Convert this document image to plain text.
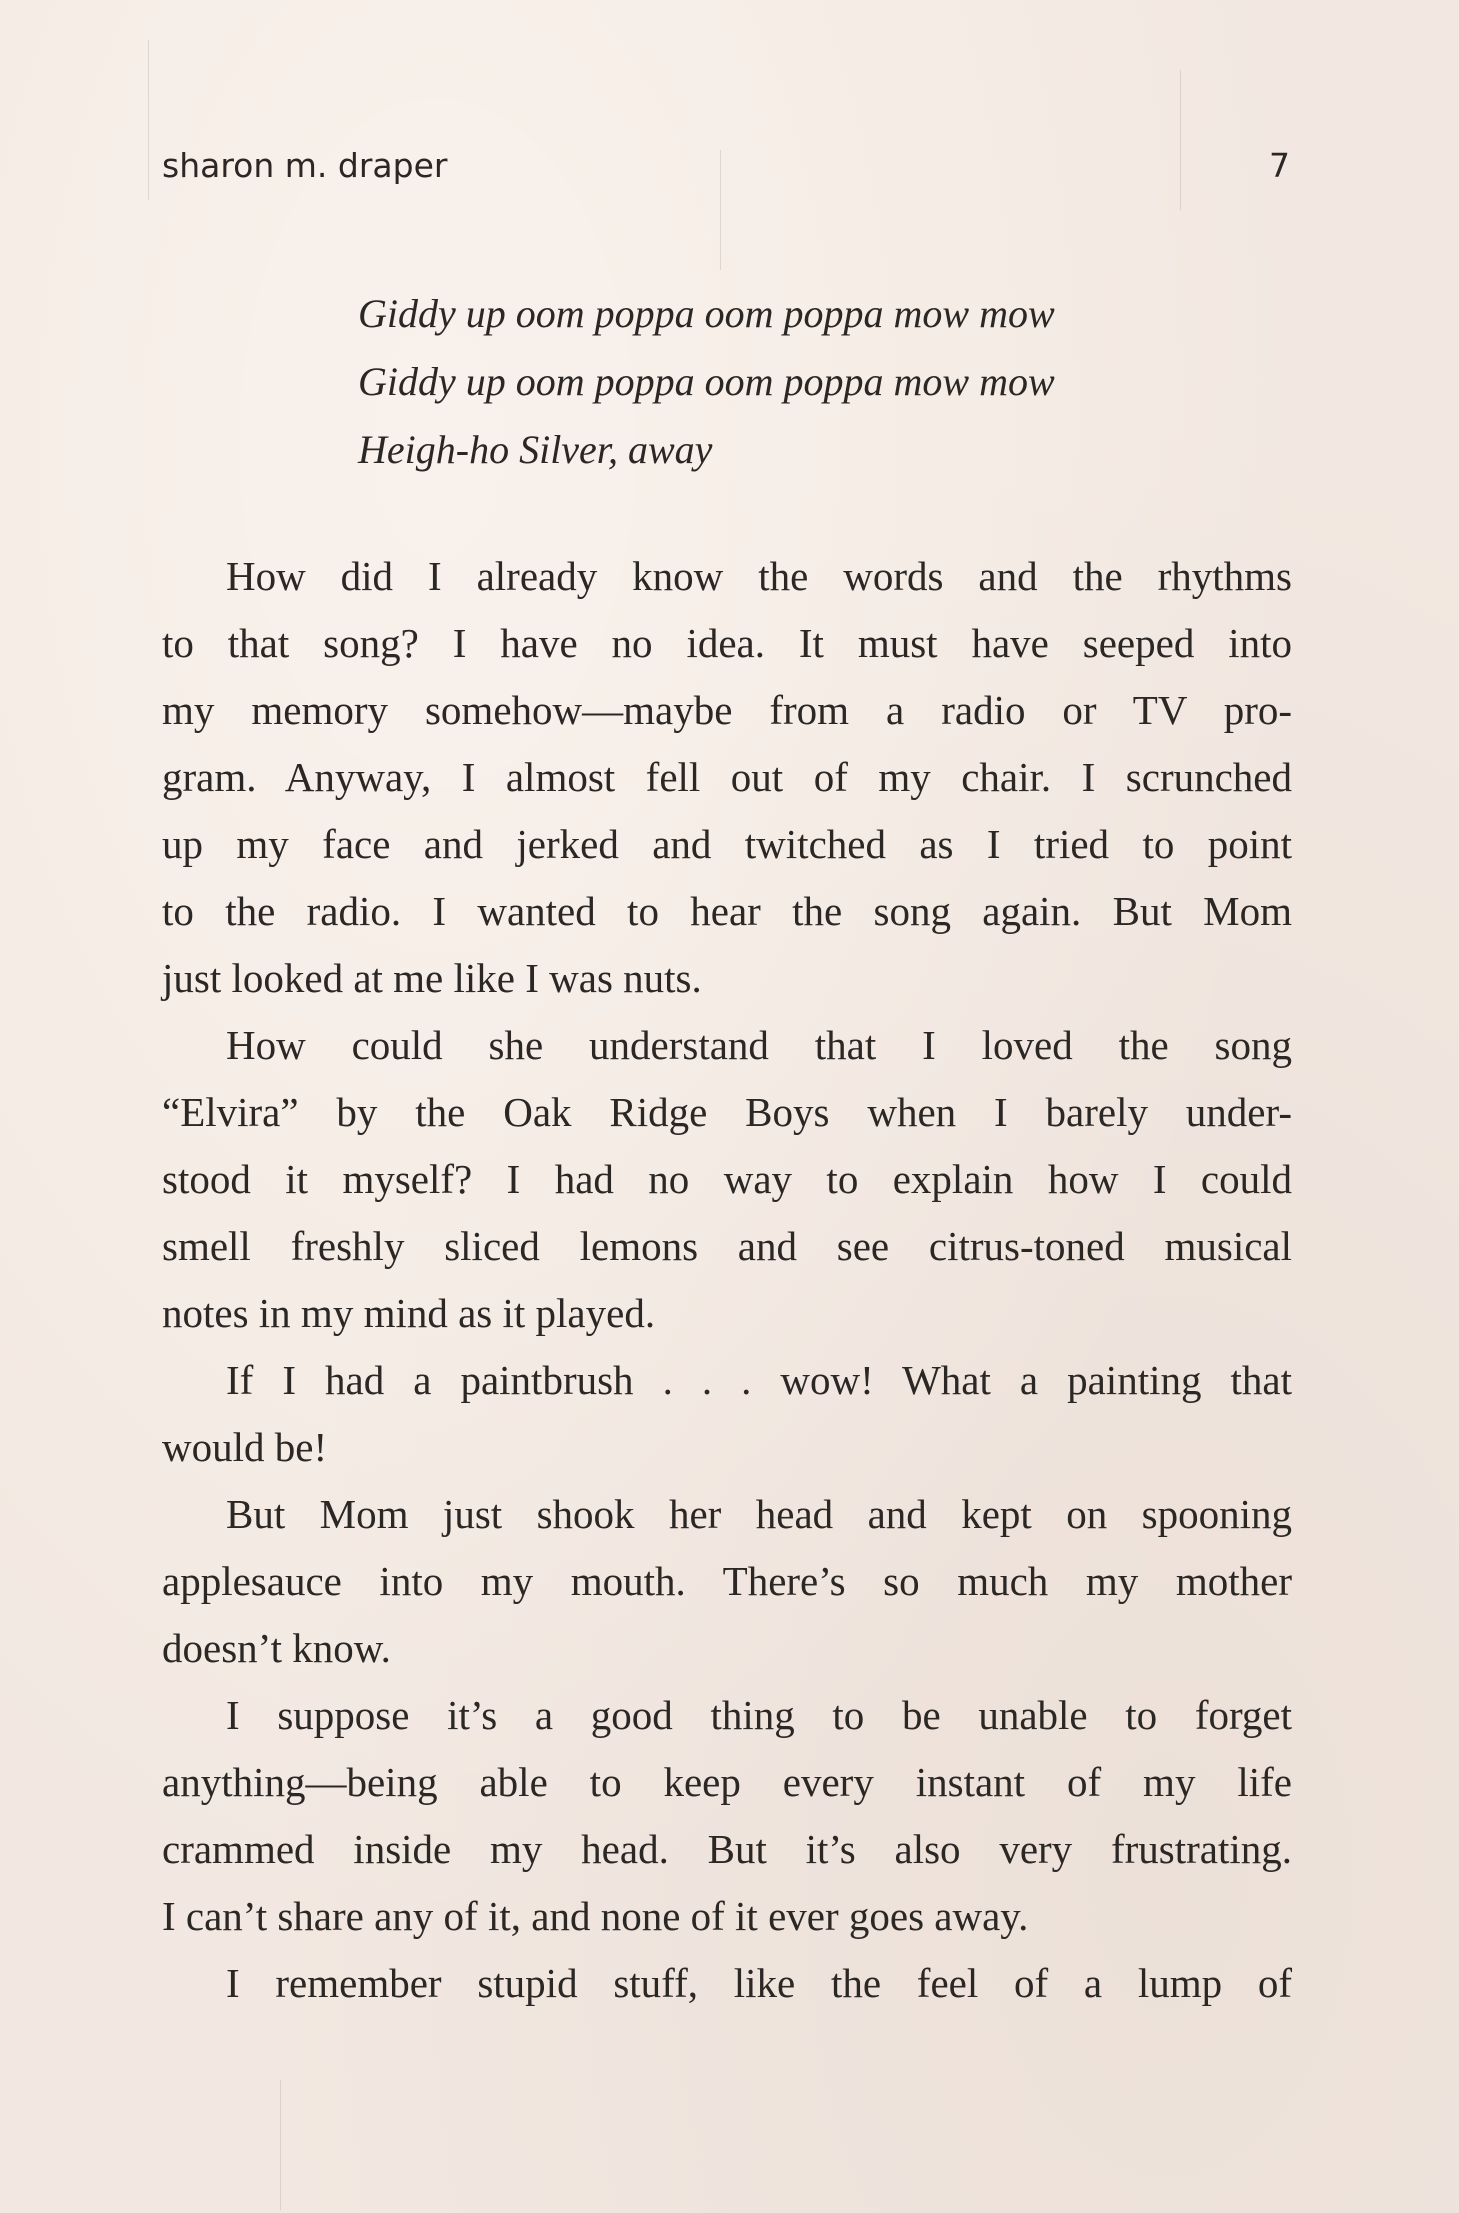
sharon m. draper	7
Giddy up oom poppa oom poppa mow mow
Giddy up oom poppa oom poppa mow mow
Heigh-ho Silver, away
How did I already know the words and the rhythms
to that song? I have no idea. It must have seeped into
my memory somehow—maybe from a radio or TV pro-
gram. Anyway, I almost fell out of my chair. I scrunched
up my face and jerked and twitched as I tried to point
to the radio. I wanted to hear the song again. But Mom
just looked at me like I was nuts.
How could she understand that I loved the song
“Elvira” by the Oak Ridge Boys when I barely under-
stood it myself? I had no way to explain how I could
smell freshly sliced lemons and see citrus-toned musical
notes in my mind as it played.
If I had a paintbrush . . . wow! What a painting that
would be!
But Mom just shook her head and kept on spooning
applesauce into my mouth. There’s so much my mother
doesn’t know.
I suppose it’s a good thing to be unable to forget
anything—being able to keep every instant of my life
crammed inside my head. But it’s also very frustrating.
I can’t share any of it, and none of it ever goes away.
I remember stupid stuff, like the feel of a lump of
